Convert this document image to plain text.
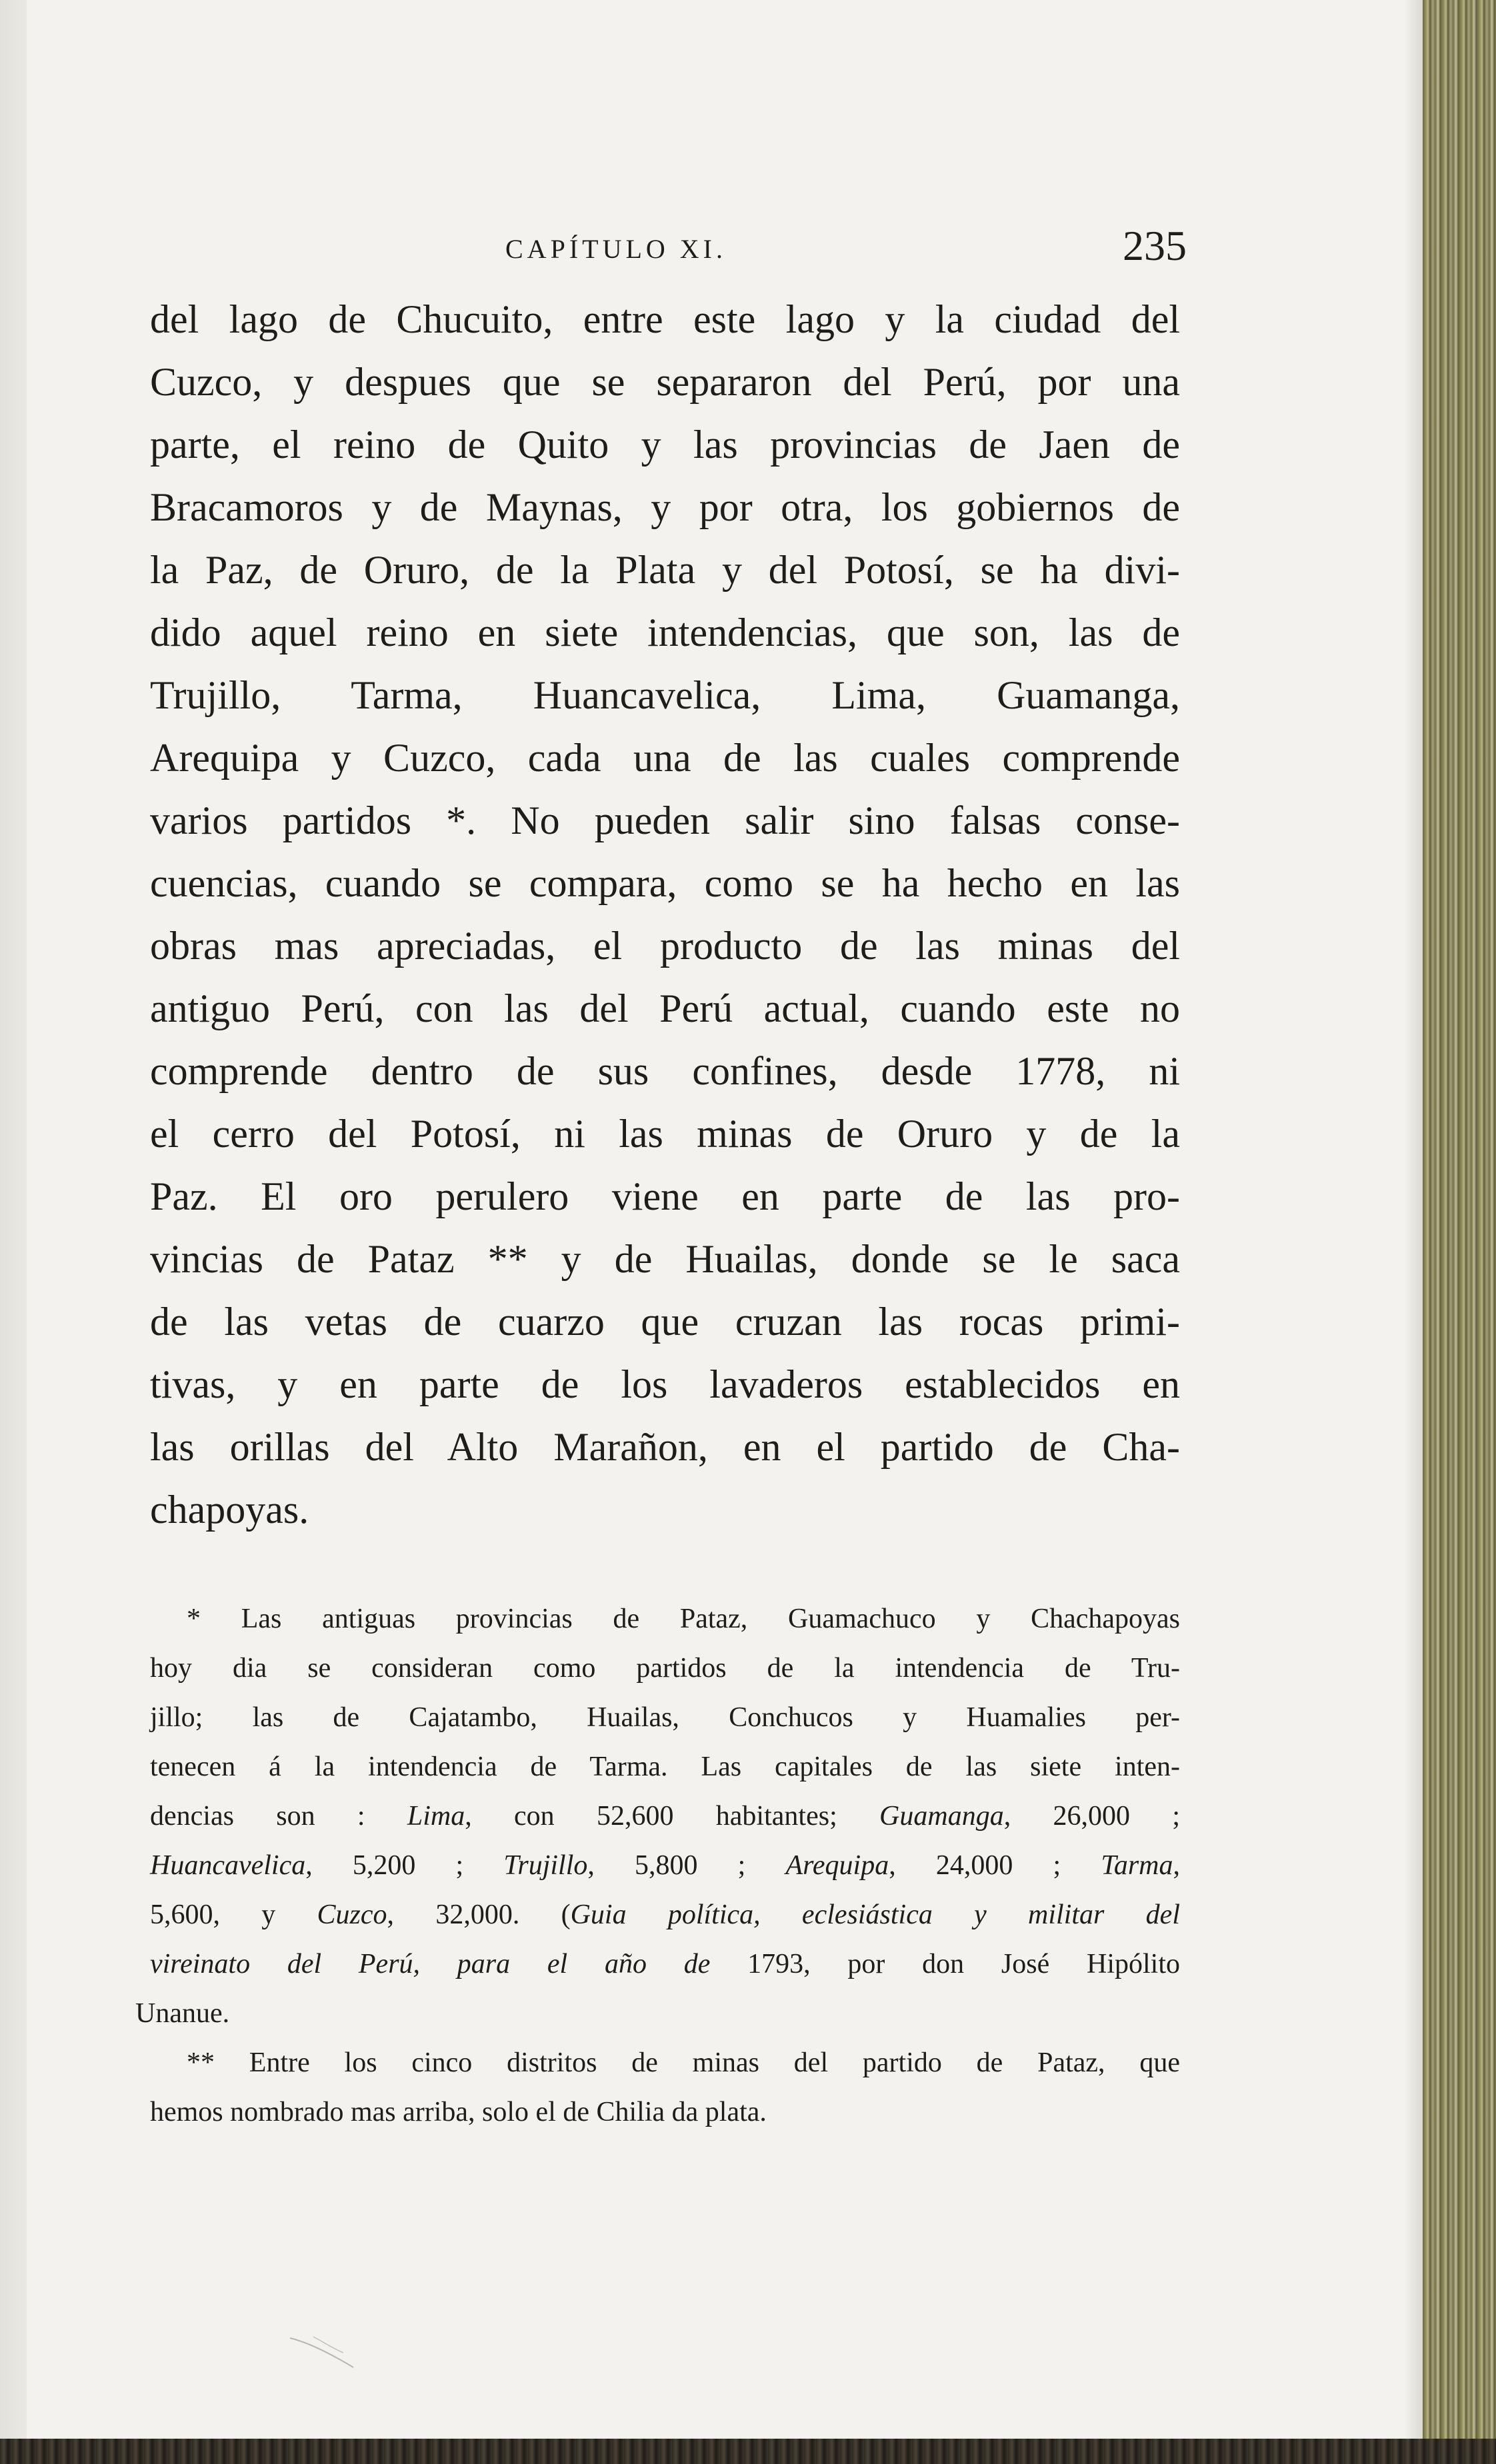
CAPÍTULO XI.	235
del lago de Chucuito, entre este lago y la ciudad del
Cuzco, y despues que se separaron del Perú, por una
parte, el reino de Quito y las provincias de Jaen de
Bracamoros y de Maynas, y por otra, los gobiernos de
la Paz, de Oruro, de la Plata y del Potosí, se ha divi-
dido aquel reino en siete intendencias, que son, las de
Trujillo, Tarma, Huancavelica, Lima, Guamanga,
Arequipa y Cuzco, cada una de las cuales comprende
varios partidos *. No pueden salir sino falsas conse-
cuencias, cuando se compara, como se ha hecho en las
obras mas apreciadas, el producto de las minas del
antiguo Perú, con las del Perú actual, cuando este no
comprende dentro de sus confines, desde 1778, ni
el cerro del Potosí, ni las minas de Oruro y de la
Paz. El oro perulero viene en parte de las pro-
vincias de Pataz ** y de Huailas, donde se le saca
de las vetas de cuarzo que cruzan las rocas primi-
tivas, y en parte de los lavaderos establecidos en
las orillas del Alto Marañon, en el partido de Cha-
chapoyas.
* Las antiguas provincias de Pataz, Guamachuco y Chachapoyas
hoy dia se consideran como partidos de la intendencia de Tru-
jillo; las de Cajatambo, Huailas, Conchucos y Huamalies per-
tenecen á la intendencia de Tarma. Las capitales de las siete inten-
dencias son : Lima, con 52,600 habitantes; Guamanga, 26,000 ;
Huancavelica, 5,200 ; Trujillo, 5,800 ; Arequipa, 24,000 ; Tarma,
5,600, y Cuzco, 32,000. (Guia política, eclesiástica y militar del
vireinato del Perú, para el año de 1793, por don José Hipólito
Unanue.
** Entre los cinco distritos de minas del partido de Pataz, que
hemos nombrado mas arriba, solo el de Chilia da plata.
